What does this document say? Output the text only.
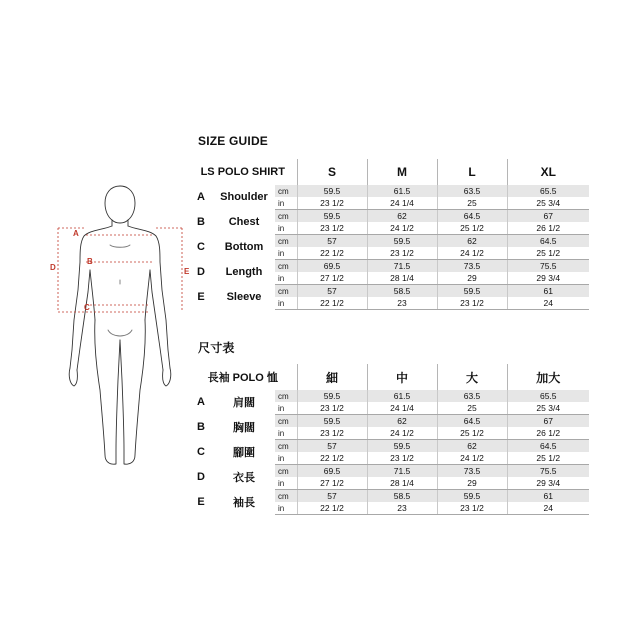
A
B
C
D	E
SIZE GUIDE
LS POLO SHIRT			S	M	L	XL
A	Shoulder	cm	59.5	61.5	63.5	65.5
		in	23 1/2	24 1/4	25	25 3/4
B	Chest	cm	59.5	62	64.5	67
		in	23 1/2	24 1/2	25 1/2	26 1/2
C	Bottom	cm	57	59.5	62	64.5
		in	22 1/2	23 1/2	24 1/2	25 1/2
D	Length	cm	69.5	71.5	73.5	75.5
		in	27 1/2	28 1/4	29	29 3/4
E	Sleeve	cm	57	58.5	59.5	61
		in	22 1/2	23	23 1/2	24
尺寸表
長袖 POLO 恤			細	中	大	加大
A	肩闊	cm	59.5	61.5	63.5	65.5
		in	23 1/2	24 1/4	25	25 3/4
B	胸闊	cm	59.5	62	64.5	67
		in	23 1/2	24 1/2	25 1/2	26 1/2
C	腳圍	cm	57	59.5	62	64.5
		in	22 1/2	23 1/2	24 1/2	25 1/2
D	衣長	cm	69.5	71.5	73.5	75.5
		in	27 1/2	28 1/4	29	29 3/4
E	袖長	cm	57	58.5	59.5	61
		in	22 1/2	23	23 1/2	24
